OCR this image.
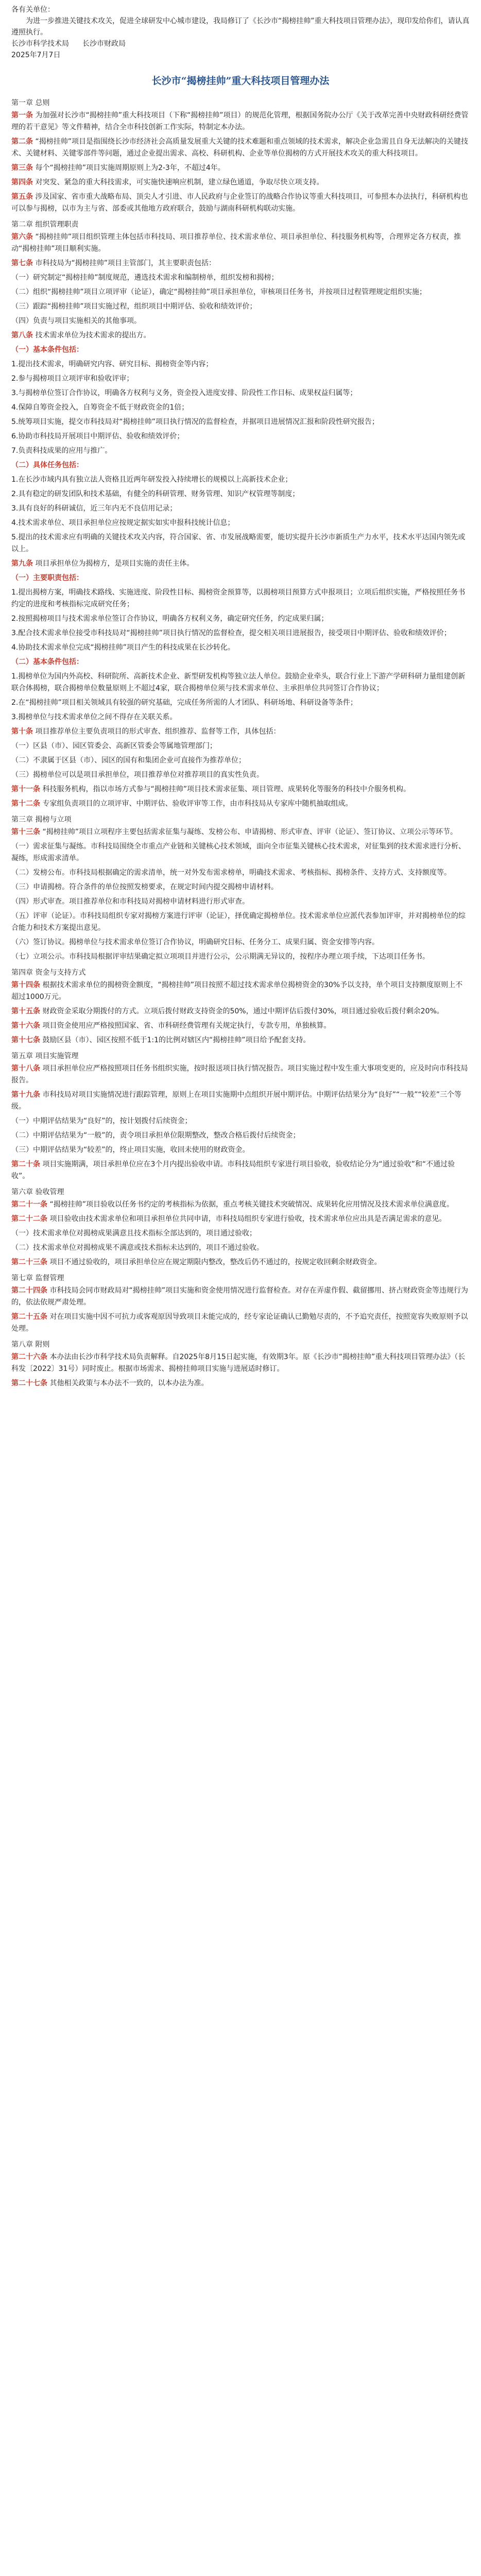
各有关单位：

为进一步推进关键技术攻关，促进全球研发中心城市建设，我局修订了《长沙市“揭榜挂帅”重大科技项目管理办法》，现印发给你们，请认真遵照执行。

长沙市科学技术局 长沙市财政局

2025年7月7日

长沙市“揭榜挂帅”重大科技项目管理办法
第一章 总则

第一条 为加强对长沙市“揭榜挂帅”重大科技项目（下称“揭榜挂帅”项目）的规范化管理，根据国务院办公厅《关于改革完善中央财政科研经费管理的若干意见》等文件精神，结合全市科技创新工作实际，特制定本办法。

第二条 “揭榜挂帅”项目是指围绕长沙市经济社会高质量发展重大关键的技术难题和重点领域的技术需求，解决企业急需且自身无法解决的关键技术、关键材料、关键零部件等问题，通过企业提出需求、高校、科研机构、企业等单位揭榜的方式开展技术攻关的重大科技项目。

第三条 每个“揭榜挂帅”项目实施周期原则上为2-3年，不超过4年。

第四条 对突发、紧急的重大科技需求，可实施快速响应机制，建立绿色通道，争取尽快立项支持。

第五条 涉及国家、省市重大战略布局、顶尖人才引进、市人民政府与企业签订的战略合作协议等重大科技项目，可参照本办法执行，科研机构也可以参与揭榜，以市为主与省、部委或其他地方政府联合，鼓励与湖南科研机构联动实施。

第二章 组织管理职责

第六条 “揭榜挂帅”项目组织管理主体包括市科技局、项目推荐单位、技术需求单位、项目承担单位、科技服务机构等，合理界定各方权责，推动“揭榜挂帅”项目顺利实施。

第七条 市科技局为“揭榜挂帅”项目主管部门，其主要职责包括：

（一）研究制定“揭榜挂帅”制度规范，遴选技术需求和编制榜单，组织发榜和揭榜；

（二）组织“揭榜挂帅”项目立项评审（论证），确定“揭榜挂帅”项目承担单位，审核项目任务书，并按项目过程管理规定组织实施；

（三）跟踪“揭榜挂帅”项目实施过程，组织项目中期评估、验收和绩效评价；

（四）负责与项目实施相关的其他事项。

第八条 技术需求单位为技术需求的提出方。

（一）基本条件包括：

1.提出技术需求，明确研究内容、研究目标、揭榜资金等内容；

2.参与揭榜项目立项评审和验收评审；

3.与揭榜单位签订合作协议，明确各方权利与义务，资金投入进度安排、阶段性工作目标、成果权益归属等；

4.保障自筹资金投入，自筹资金不低于财政资金的1倍；

5.统筹项目实施，提交市科技局对“揭榜挂帅”项目执行情况的监督检查，并据项目进展情况汇报和阶段性研究报告；

6.协助市科技局开展项目中期评估、验收和绩效评价；

7.负责科技成果的应用与推广。

（二）具体任务包括：

1.在长沙市域内具有独立法人资格且近两年研发投入持续增长的规模以上高新技术企业；

2.具有稳定的研发团队和技术基础，有健全的科研管理、财务管理、知识产权管理等制度；

3.具有良好的科研诚信，近三年内无不良信用记录；

4.技术需求单位、项目承担单位应按规定据实如实申报科技统计信息；

5.提出的技术需求应有明确的关键技术攻关内容，符合国家、省、市发展战略需要，能切实提升长沙市新质生产力水平，技术水平达国内领先或以上。

第九条 项目承担单位为揭榜方，是项目实施的责任主体。

（一）主要职责包括：

1.提出揭榜方案，明确技术路线、实施进度、阶段性目标、揭榜资金预算等，以揭榜项目预算方式申报项目；立项后组织实施，严格按照任务书约定的进度和考核指标完成研究任务；

2.按照揭榜项目与技术需求单位签订合作协议，明确各方权利义务，确定研究任务，约定成果归属；

3.配合技术需求单位接受市科技局对“揭榜挂帅”项目执行情况的监督检查，提交相关项目进展报告，接受项目中期评估、验收和绩效评价；

4.协助技术需求单位完成“揭榜挂帅”项目产生的科技成果在长沙转化。

（二）基本条件包括：

1.揭榜单位为国内外高校、科研院所、高新技术企业、新型研发机构等独立法人单位。鼓励企业牵头，联合行业上下游产学研科研力量组建创新联合体揭榜，联合揭榜单位数量原则上不超过4家，联合揭榜单位须与技术需求单位、主承担单位共同签订合作协议；

2.在“揭榜挂帅”项目相关领域具有较强的研究基础，完成任务所需的人才团队、科研场地、科研设备等条件；

3.揭榜单位与技术需求单位之间不得存在关联关系。

第十条 项目推荐单位主要负责项目的形式审查、组织推荐、监督等工作，具体包括：

（一）区县（市）、园区管委会、高新区管委会等属地管理部门；

（二）不隶属于区县（市）、园区的国有和集团企业可直接作为推荐单位；

（三）揭榜单位可以是项目承担单位，项目推荐单位对推荐项目的真实性负责。

第十一条 科技服务机构，指以市场方式参与“揭榜挂帅”项目技术需求征集、项目管理、成果转化等服务的科技中介服务机构。

第十二条 专家组负责项目的立项评审、中期评估、验收评审等工作，由市科技局从专家库中随机抽取组成。

第三章 揭榜与立项

第十三条 “揭榜挂帅”项目立项程序主要包括需求征集与凝练、发榜公布、申请揭榜、形式审查、评审（论证）、签订协议、立项公示等环节。

（一）需求征集与凝练。市科技局围绕全市重点产业链和关键核心技术领域，面向全市征集关键核心技术需求，对征集到的技术需求进行分析、凝练，形成需求清单。

（二）发榜公布。市科技局根据确定的需求清单，统一对外发布需求榜单，明确技术需求、考核指标、揭榜条件、支持方式、支持额度等。

（三）申请揭榜。符合条件的单位按照发榜要求，在规定时间内提交揭榜申请材料。

（四）形式审查。项目推荐单位和市科技局对揭榜申请材料进行形式审查。

（五）评审（论证）。市科技局组织专家对揭榜方案进行评审（论证），择优确定揭榜单位。技术需求单位应派代表参加评审，并对揭榜单位的综合能力和技术方案提出意见。

（六）签订协议。揭榜单位与技术需求单位签订合作协议，明确研究目标、任务分工、成果归属、资金安排等内容。

（七）立项公示。市科技局根据评审结果确定拟立项项目并进行公示，公示期满无异议的，按程序办理立项手续，下达项目任务书。

第四章 资金与支持方式

第十四条 根据技术需求单位的揭榜资金额度，“揭榜挂帅”项目按照不超过技术需求单位揭榜资金的30%予以支持，单个项目支持额度原则上不超过1000万元。

第十五条 财政资金采取分期拨付的方式。立项后拨付财政支持资金的50%，通过中期评估后拨付30%，项目通过验收后拨付剩余20%。

第十六条 项目资金使用应严格按照国家、省、市科研经费管理有关规定执行，专款专用，单独核算。

第十七条 鼓励区县（市）、园区按照不低于1:1的比例对辖区内“揭榜挂帅”项目给予配套支持。

第五章 项目实施管理

第十八条 项目承担单位应严格按照项目任务书组织实施，按时报送项目执行情况报告。项目实施过程中发生重大事项变更的，应及时向市科技局报告。

第十九条 市科技局对项目实施情况进行跟踪管理，原则上在项目实施期中点组织开展中期评估。中期评估结果分为“良好”“一般”“较差”三个等级。

（一）中期评估结果为“良好”的，按计划拨付后续资金；

（二）中期评估结果为“一般”的，责令项目承担单位限期整改，整改合格后拨付后续资金；

（三）中期评估结果为“较差”的，终止项目实施，收回未使用的财政资金。

第二十条 项目实施期满，项目承担单位应在3个月内提出验收申请。市科技局组织专家进行项目验收，验收结论分为“通过验收”和“不通过验收”。

第六章 验收管理

第二十一条 “揭榜挂帅”项目验收以任务书约定的考核指标为依据，重点考核关键技术突破情况、成果转化应用情况及技术需求单位满意度。

第二十二条 项目验收由技术需求单位和项目承担单位共同申请，市科技局组织专家进行验收，技术需求单位应出具是否满足需求的意见。

（一）技术需求单位对揭榜成果满意且技术指标全部达到的，项目通过验收；

（二）技术需求单位对揭榜成果不满意或技术指标未达到的，项目不通过验收。

第二十三条 项目不通过验收的，项目承担单位应在规定期限内整改，整改后仍不通过的，按规定收回剩余财政资金。

第七章 监督管理

第二十四条 市科技局会同市财政局对“揭榜挂帅”项目实施和资金使用情况进行监督检查。对存在弄虚作假、截留挪用、挤占财政资金等违规行为的，依法依规严肃处理。

第二十五条 对在项目实施中因不可抗力或客观原因导致项目未能完成的，经专家论证确认已勤勉尽责的，不予追究责任，按照宽容失败原则予以处理。

第八章 附则

第二十六条 本办法由长沙市科学技术局负责解释。自2025年8月15日起实施，有效期3年。原《长沙市“揭榜挂帅”重大科技项目管理办法》（长科发〔2022〕31号）同时废止。根据市场需求、揭榜挂帅项目实施与进展适时修订。

第二十七条 其他相关政策与本办法不一致的，以本办法为准。
